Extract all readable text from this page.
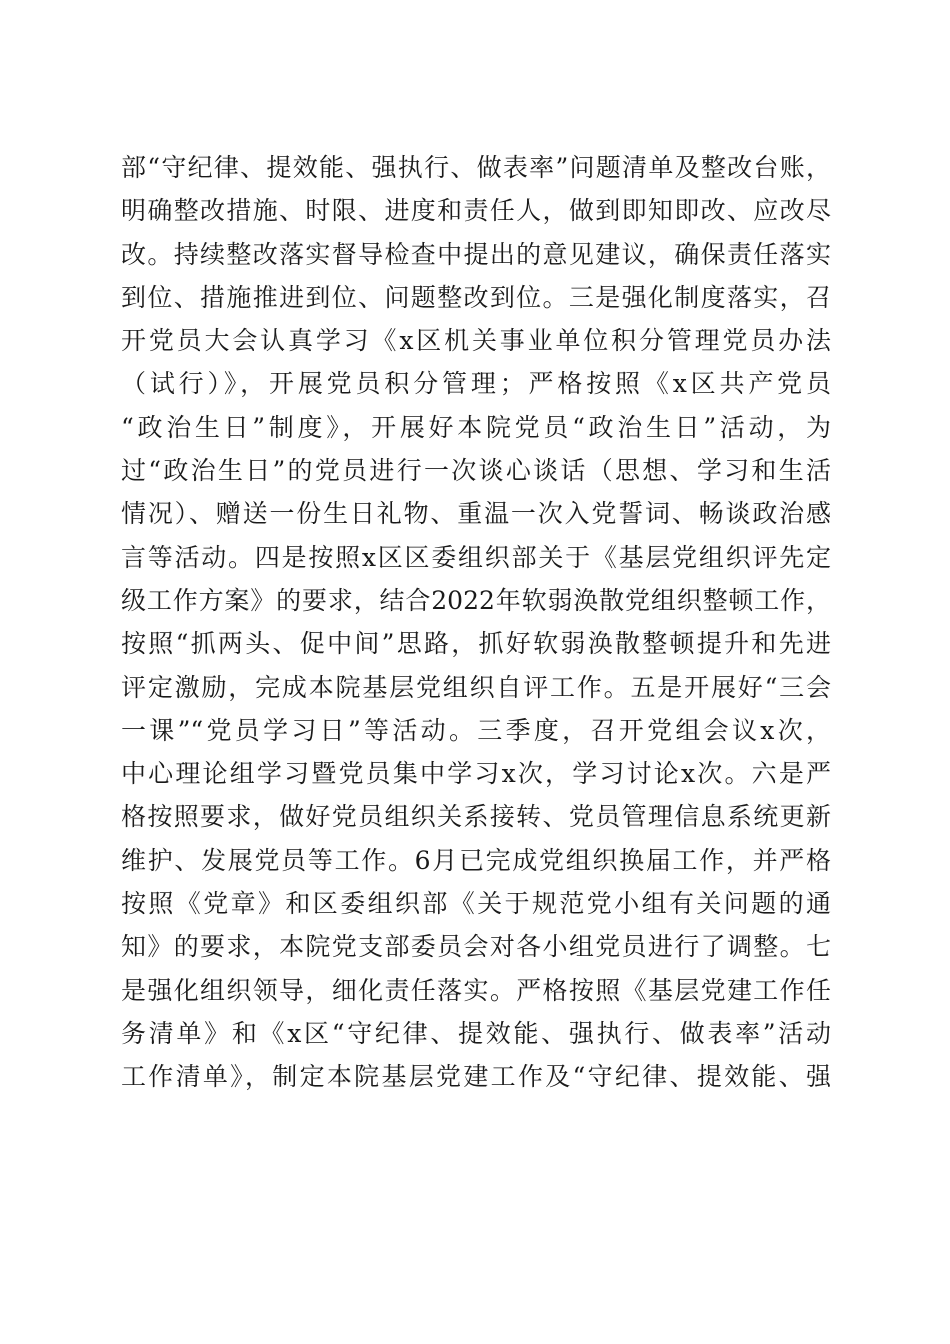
部“守纪律、提效能、强执行、做表率”问题清单及整改台账，
明确整改措施、时限、进度和责任人，做到即知即改、应改尽
改。持续整改落实督导检查中提出的意见建议，确保责任落实
到位、措施推进到位、问题整改到位。三是强化制度落实，召
开党员大会认真学习《x区机关事业单位积分管理党员办法
（试行）》，开展党员积分管理；严格按照《x区共产党员
“政治生日”制度》，开展好本院党员“政治生日”活动，为
过“政治生日”的党员进行一次谈心谈话（思想、学习和生活
情况）、赠送一份生日礼物、重温一次入党誓词、畅谈政治感
言等活动。四是按照x区区委组织部关于《基层党组织评先定
级工作方案》的要求，结合2022年软弱涣散党组织整顿工作，
按照“抓两头、促中间”思路，抓好软弱涣散整顿提升和先进
评定激励，完成本院基层党组织自评工作。五是开展好“三会
一课”“党员学习日”等活动。三季度，召开党组会议x次，
中心理论组学习暨党员集中学习x次，学习讨论x次。六是严
格按照要求，做好党员组织关系接转、党员管理信息系统更新
维护、发展党员等工作。6月已完成党组织换届工作，并严格
按照《党章》和区委组织部《关于规范党小组有关问题的通
知》的要求，本院党支部委员会对各小组党员进行了调整。七
是强化组织领导，细化责任落实。严格按照《基层党建工作任
务清单》和《x区“守纪律、提效能、强执行、做表率”活动
工作清单》，制定本院基层党建工作及“守纪律、提效能、强
